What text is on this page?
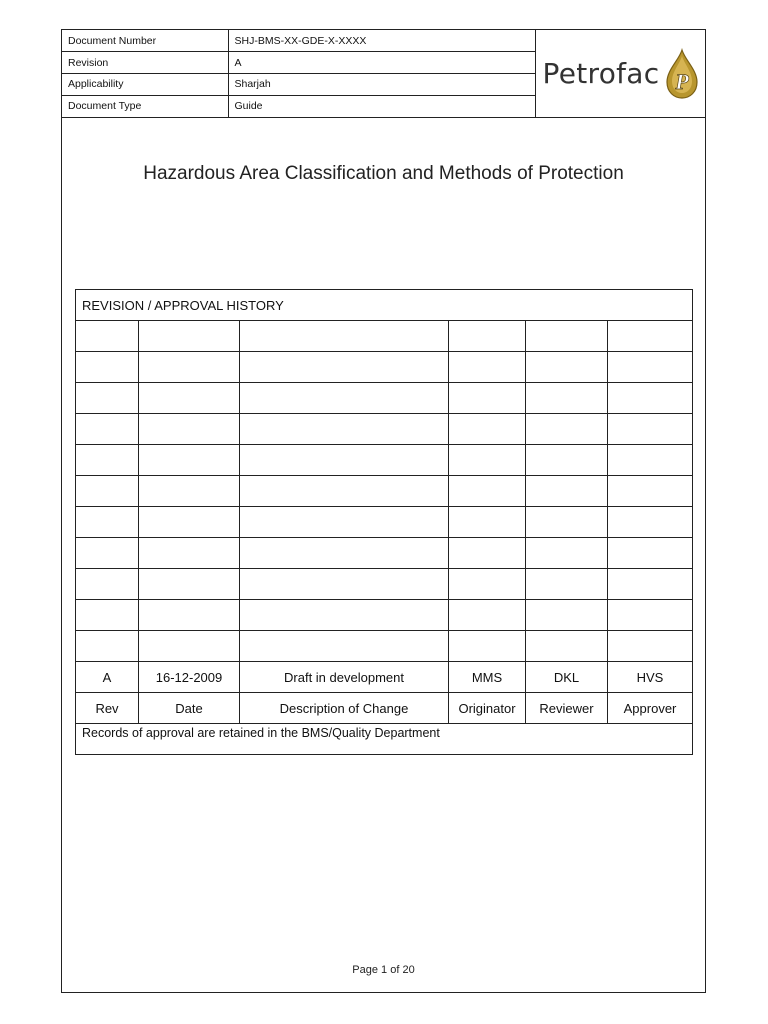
Document Number	SHJ-BMS-XX-GDE-X-XXXX
Revision	A
Applicability	Sharjah
Document Type	Guide
Petrofac P
Hazardous Area Classification and Methods of Protection
REVISION / APPROVAL HISTORY					

A	16-12-2009	Draft in development	MMS	DKL	HVS
Rev	Date	Description of Change	Originator	Reviewer	Approver
Records of approval are retained in the BMS/Quality Department					
Page 1 of 20
